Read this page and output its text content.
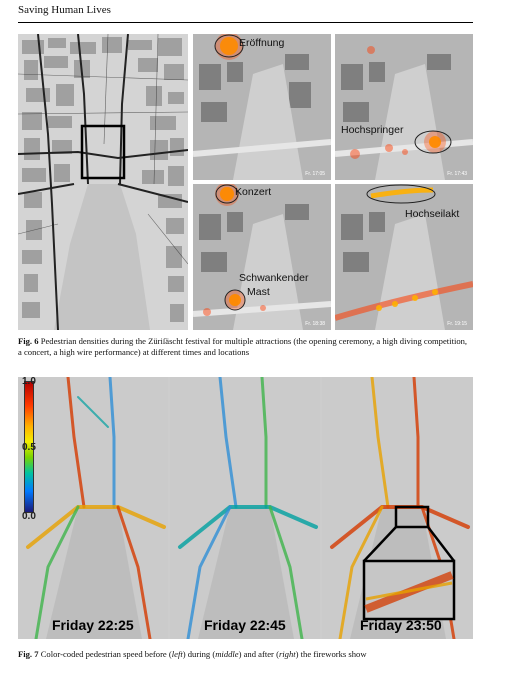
Saving Human Lives
Eröffnung
Fr. 17:05
Hochspringer
Fr. 17:43
Konzert
Schwankender
Mast
Fr. 18:38
Hochseilakt
Fr. 19:15
Fig. 6 Pedestrian densities during the Züriſäscht festival for multiple attractions (the opening ceremony, a high diving competition, a concert, a high wire performance) at different times and locations
1.0
0.5
0.0
Friday 22:25	Friday 22:45	Friday 23:50
Fig. 7 Color-coded pedestrian speed before (left) during (middle) and after (right) the fireworks show
